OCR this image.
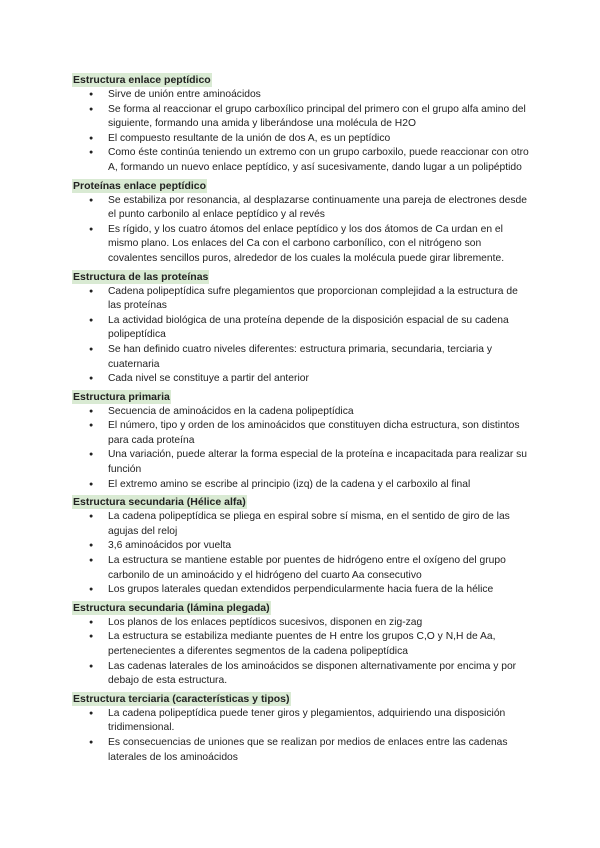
Estructura enlace peptídico
● Sirve de unión entre aminoácidos
● Se forma al reaccionar el grupo carboxílico principal del primero con el grupo alfa amino del siguiente, formando una amida y liberándose una molécula de H2O
● El compuesto resultante de la unión de dos A, es un peptídico
● Como éste continúa teniendo un extremo con un grupo carboxilo, puede reaccionar con otro A, formando un nuevo enlace peptídico, y así sucesivamente, dando lugar a un polipéptido
Proteínas enlace peptídico
● Se estabiliza por resonancia, al desplazarse continuamente una pareja de electrones desde el punto carbonilo al enlace peptídico y al revés
● Es rígido, y los cuatro átomos del enlace peptídico y los dos átomos de Ca urdan en el mismo plano. Los enlaces del Ca con el carbono carbonílico, con el nitrógeno son covalentes sencillos puros, alrededor de los cuales la molécula puede girar libremente.
Estructura de las proteínas
● Cadena polipeptídica sufre plegamientos que proporcionan complejidad a la estructura de las proteínas
● La actividad biológica de una proteína depende de la disposición espacial de su cadena polipeptídica
● Se han definido cuatro niveles diferentes: estructura primaria, secundaria, terciaria y cuaternaria
● Cada nivel se constituye a partir del anterior
Estructura primaria
● Secuencia de aminoácidos en la cadena polipeptídica
● El número, tipo y orden de los aminoácidos que constituyen dicha estructura, son distintos para cada proteína
● Una variación, puede alterar la forma especial de la proteína e incapacitada para realizar su función
● El extremo amino se escribe al principio (izq) de la cadena y el carboxilo al final
Estructura secundaria (Hélice alfa)
● La cadena polipeptídica se pliega en espiral sobre sí misma, en el sentido de giro de las agujas del reloj
● 3,6 aminoácidos por vuelta
● La estructura se mantiene estable por puentes de hidrógeno entre el oxígeno del grupo carbonilo de un aminoácido y el hidrógeno del cuarto Aa consecutivo
● Los grupos laterales quedan extendidos perpendicularmente hacia fuera de la hélice
Estructura secundaria (lámina plegada)
● Los planos de los enlaces peptídicos sucesivos, disponen en zig-zag
● La estructura se estabiliza mediante puentes de H entre los grupos C,O y N,H de Aa, pertenecientes a diferentes segmentos de la cadena polipeptídica
● Las cadenas laterales de los aminoácidos se disponen alternativamente por encima y por debajo de esta estructura.
Estructura terciaria (características y tipos)
● La cadena polipeptídica puede tener giros y plegamientos, adquiriendo una disposición tridimensional.
● Es consecuencias de uniones que se realizan por medios de enlaces entre las cadenas laterales de los aminoácidos
